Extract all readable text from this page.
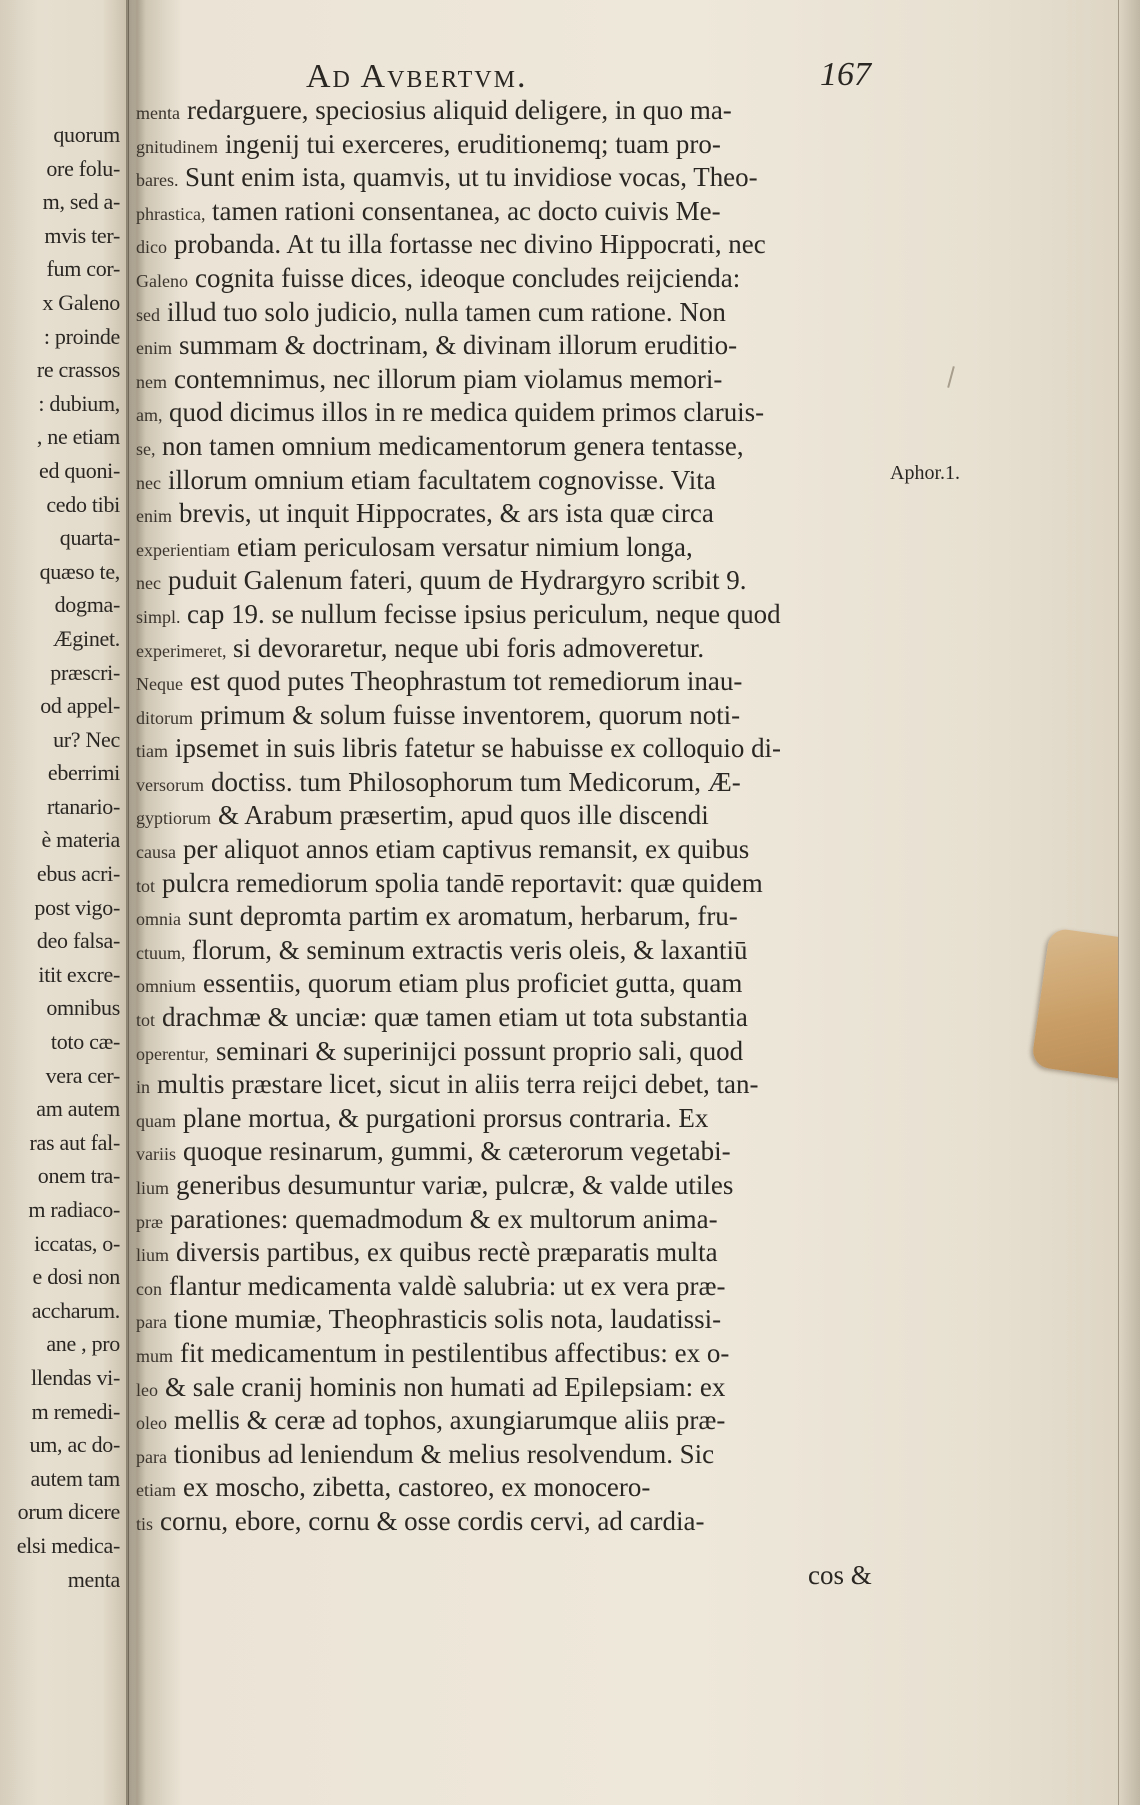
quorum
ore folu-
m, sed a-
mvis ter-
fum cor-
x Galeno
: proinde
re crassos
: dubium,
, ne etiam
ed quoni-
cedo tibi
quarta-
quæso te,
dogma-
Æginet.
præscri-
od appel-
ur? Nec
eberrimi
rtanario-
è materia
ebus acri-
post vigo-
deo falsa-
itit excre-
omnibus
toto cæ-
vera cer-
am autem
ras aut fal-
onem tra-
m radiaco-
iccatas, o-
e dosi non
accharum.
ane , pro
llendas vi-
m remedi-
um, ac do-
autem tam
orum dicere
elsi medica-
menta
Ad Avbertvm.	167
menta
redarguere, speciosius aliquid deligere, in quo ma-
gnitudinem
ingenij tui exerceres, eruditionemq; tuam pro-
bares.
Sunt enim ista, quamvis, ut tu invidiose vocas, Theo-
phrastica,
tamen rationi consentanea, ac docto cuivis Me-
dico
probanda. At tu illa fortasse nec divino Hippocrati, nec
Galeno
cognita fuisse dices, ideoque concludes reijcienda:
sed
illud tuo solo judicio, nulla tamen cum ratione. Non
enim
summam & doctrinam, & divinam illorum eruditio-
nem
contemnimus, nec illorum piam violamus memori-
am,
quod dicimus illos in re medica quidem primos claruis-
se,
non tamen omnium medicamentorum genera tentasse,
nec
illorum omnium etiam facultatem cognovisse. Vita
enim
brevis, ut inquit Hippocrates, & ars ista quæ circa
experientiam
etiam periculosam versatur nimium longa,
nec
puduit Galenum fateri, quum de Hydrargyro scribit 9.
simpl.
cap 19. se nullum fecisse ipsius periculum, neque quod
experimeret,
si devoraretur, neque ubi foris admoveretur.
Neque
est quod putes Theophrastum tot remediorum inau-
ditorum
primum & solum fuisse inventorem, quorum noti-
tiam
ipsemet in suis libris fatetur se habuisse ex colloquio di-
versorum
doctiss. tum Philosophorum tum Medicorum, Æ-
gyptiorum
& Arabum præsertim, apud quos ille discendi
causa
per aliquot annos etiam captivus remansit, ex quibus
tot
pulcra remediorum spolia tandē reportavit: quæ quidem
omnia
sunt depromta partim ex aromatum, herbarum, fru-
ctuum,
florum, & seminum extractis veris oleis, & laxantiū
omnium
essentiis, quorum etiam plus proficiet gutta, quam
tot
drachmæ & unciæ: quæ tamen etiam ut tota substantia
operentur,
seminari & superinijci possunt proprio sali, quod
in
multis præstare licet, sicut in aliis terra reijci debet, tan-
quam
plane mortua, & purgationi prorsus contraria. Ex
variis
quoque resinarum, gummi, & cæterorum vegetabi-
lium
generibus desumuntur variæ, pulcræ, & valde utiles
præ
parationes: quemadmodum & ex multorum anima-
lium
diversis partibus, ex quibus rectè præparatis multa
con
flantur medicamenta valdè salubria: ut ex vera præ-
para
tione mumiæ, Theophrasticis solis nota, laudatissi-
mum
fit medicamentum in pestilentibus affectibus: ex o-
leo
& sale cranij hominis non humati ad Epilepsiam: ex
oleo
mellis & ceræ ad tophos, axungiarumque aliis præ-
para
tionibus ad leniendum & melius resolvendum. Sic
etiam
ex moscho, zibetta, castoreo, ex monocero-
tis
cornu, ebore, cornu & osse cordis cervi, ad cardia-
Aphor.1.
cos &
